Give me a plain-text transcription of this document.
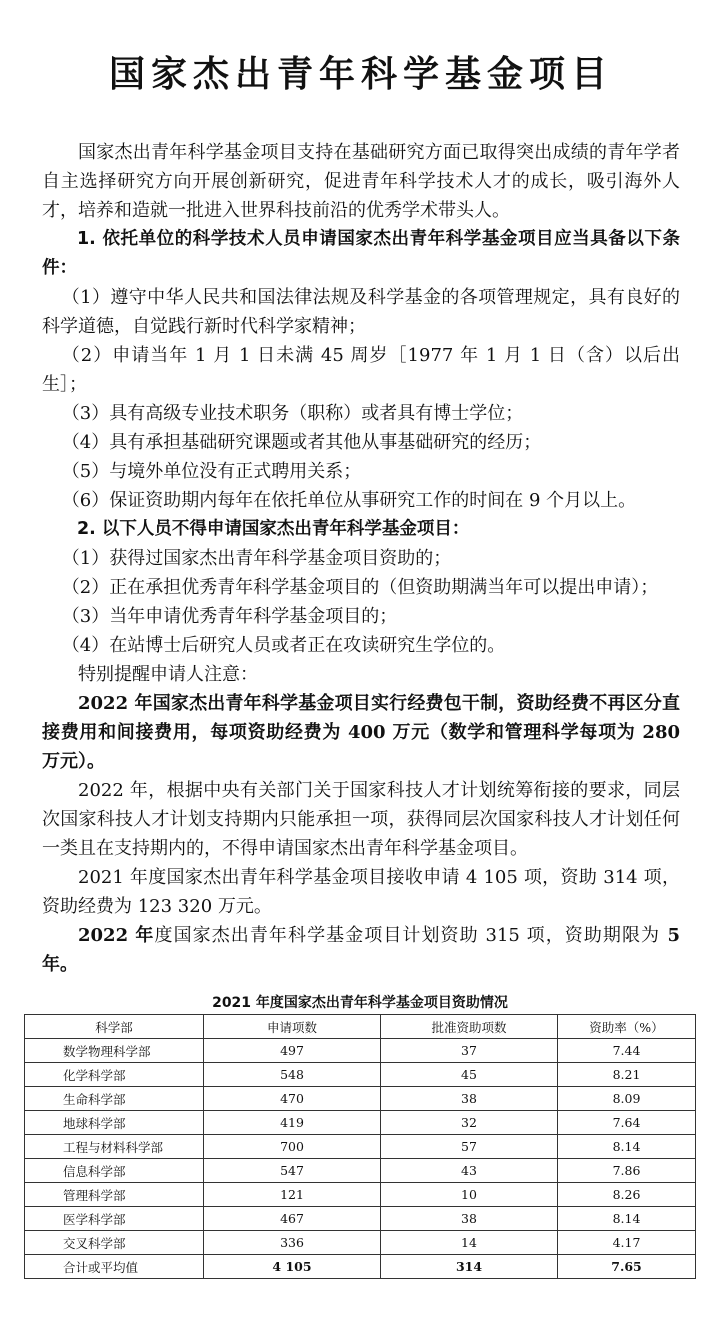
国家杰出青年科学基金项目

国家杰出青年科学基金项目支持在基础研究方面已取得突出成绩的青年学者自主选择研究方向开展创新研究，促进青年科学技术人才的成长，吸引海外人才，培养和造就一批进入世界科技前沿的优秀学术带头人。

1. 依托单位的科学技术人员申请国家杰出青年科学基金项目应当具备以下条件：

（1）遵守中华人民共和国法律法规及科学基金的各项管理规定，具有良好的科学道德，自觉践行新时代科学家精神；

（2）申请当年 1 月 1 日未满 45 周岁［1977 年 1 月 1 日（含）以后出生］；

（3）具有高级专业技术职务（职称）或者具有博士学位；

（4）具有承担基础研究课题或者其他从事基础研究的经历；

（5）与境外单位没有正式聘用关系；

（6）保证资助期内每年在依托单位从事研究工作的时间在 9 个月以上。

2. 以下人员不得申请国家杰出青年科学基金项目：

（1）获得过国家杰出青年科学基金项目资助的；

（2）正在承担优秀青年科学基金项目的（但资助期满当年可以提出申请）；

（3）当年申请优秀青年科学基金项目的；

（4）在站博士后研究人员或者正在攻读研究生学位的。

特别提醒申请人注意：

2022 年国家杰出青年科学基金项目实行经费包干制，资助经费不再区分直接费用和间接费用，每项资助经费为 400 万元（数学和管理科学每项为 280 万元）。

2022 年，根据中央有关部门关于国家科技人才计划统筹衔接的要求，同层次国家科技人才计划支持期内只能承担一项，获得同层次国家科技人才计划任何一类且在支持期内的，不得申请国家杰出青年科学基金项目。

2021 年度国家杰出青年科学基金项目接收申请 4 105 项，资助 314 项，资助经费为 123 320 万元。

2022 年度国家杰出青年科学基金项目计划资助 315 项，资助期限为 5 年。

2021 年度国家杰出青年科学基金项目资助情况
科学部	申请项数	批准资助项数	资助率（%）
数学物理科学部	497	37	7.44
化学科学部	548	45	8.21
生命科学部	470	38	8.09
地球科学部	419	32	7.64
工程与材料科学部	700	57	8.14
信息科学部	547	43	7.86
管理科学部	121	10	8.26
医学科学部	467	38	8.14
交叉科学部	336	14	4.17
合计或平均值	4 105	314	7.65
